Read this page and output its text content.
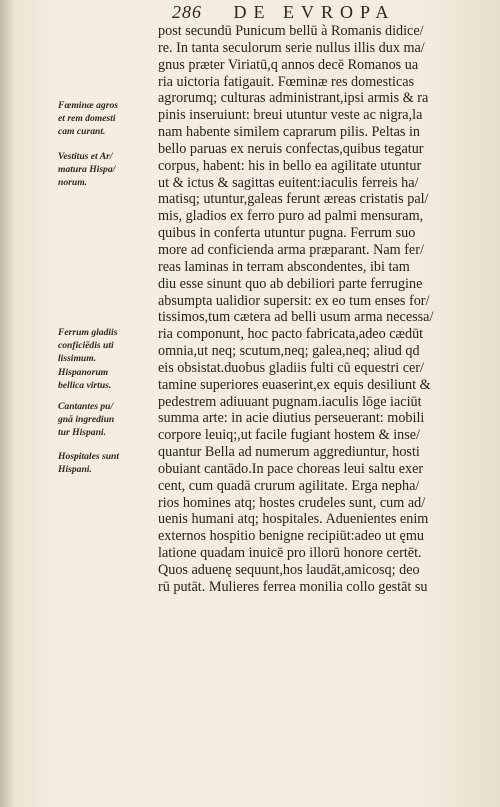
286 DE EVROPA
Fœminæ agros
et rem domesti
cam curant.
Vestitus et Ar/
matura Hispa/
norum.
Ferrum gladiis
conficiēdis uti
lissimum.
Hispanorum
bellica virtus.
Cantantes pu/
gnā ingrediun
tur Hispani.
Hospitales sunt
Hispani.
post secundū Punicum bellū à Romanis didice/
re. In tanta seculorum serie nullus illis dux ma/
gnus præter Viriatū,q annos decē Romanos ua
ria uictoria fatigauit. Fœminæ res domesticas
agrorumq; culturas administrant,ipsi armis & ra
pinis inseruiunt: breui utuntur veste ac nigra,la
nam habente similem caprarum pilis. Peltas in
bello paruas ex neruis confectas,quibus tegatur
corpus, habent: his in bello ea agilitate utuntur
ut & ictus & sagittas euitent:iaculis ferreis ha/
matisq; utuntur,galeas ferunt æreas cristatis pal/
mis, gladios ex ferro puro ad palmi mensuram,
quibus in conferta utuntur pugna. Ferrum suo
more ad conficienda arma præparant. Nam fer/
reas laminas in terram abscondentes, ibi tam
diu esse sinunt quo ab debiliori parte ferrugine
absumpta ualidior supersit: ex eo tum enses for/
tissimos,tum cætera ad belli usum arma necessa/
ria componunt, hoc pacto fabricata,adeo cædūt
omnia,ut neq; scutum,neq; galea,neq; aliud qd
eis obsistat.duobus gladiis fulti cū equestri cer/
tamine superiores euaserint,ex equis desiliunt &
pedestrem adiuuant pugnam.iaculis lōge iaciūt
summa arte: in acie diutius perseuerant: mobili
corpore leuiq;,ut facile fugiant hostem & inse/
quantur Bella ad numerum aggrediuntur, hosti
obuiant cantādo.In pace choreas leui saltu exer
cent, cum quadā crurum agilitate. Erga nepha/
rios homines atq; hostes crudeles sunt, cum ad/
uenis humani atq; hospitales. Aduenientes enim
externos hospitio benigne recipiūt:adeo ut ęmu
latione quadam inuicē pro illorū honore certēt.
Quos aduenę sequunt,hos laudāt,amicosq; deo
rū putāt. Mulieres ferrea monilia collo gestāt su
